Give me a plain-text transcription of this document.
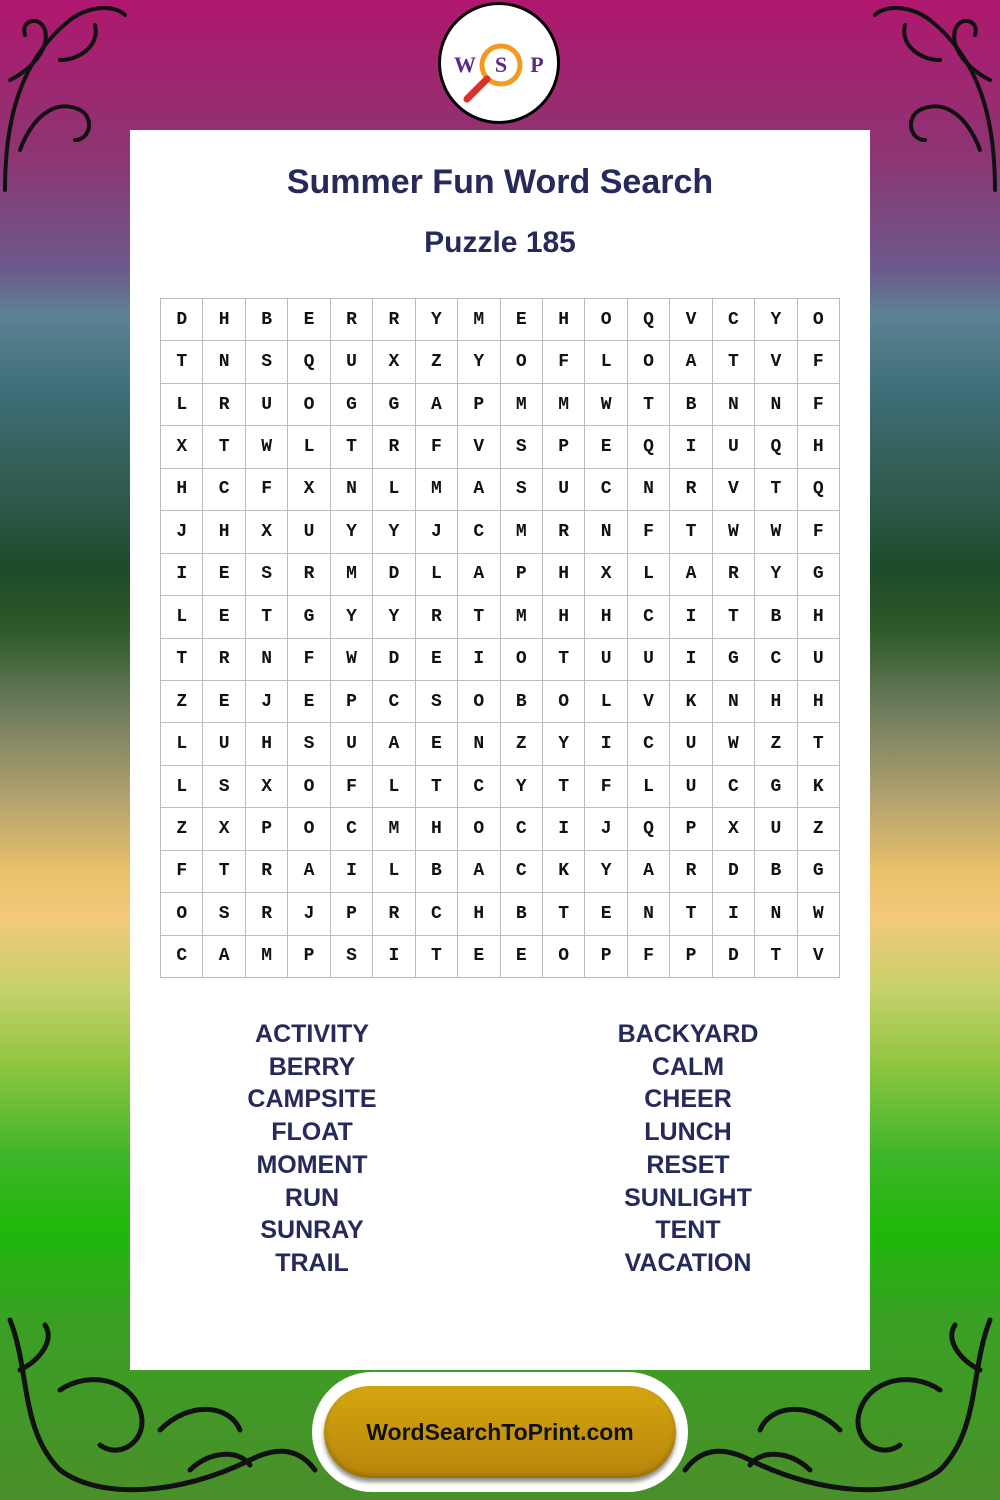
W S P
Summer Fun Word Search
Puzzle 185
D	H	B	E	R	R	Y	M	E	H	O	Q	V	C	Y	O
T	N	S	Q	U	X	Z	Y	O	F	L	O	A	T	V	F
L	R	U	O	G	G	A	P	M	M	W	T	B	N	N	F
X	T	W	L	T	R	F	V	S	P	E	Q	I	U	Q	H
H	C	F	X	N	L	M	A	S	U	C	N	R	V	T	Q
J	H	X	U	Y	Y	J	C	M	R	N	F	T	W	W	F
I	E	S	R	M	D	L	A	P	H	X	L	A	R	Y	G
L	E	T	G	Y	Y	R	T	M	H	H	C	I	T	B	H
T	R	N	F	W	D	E	I	O	T	U	U	I	G	C	U
Z	E	J	E	P	C	S	O	B	O	L	V	K	N	H	H
L	U	H	S	U	A	E	N	Z	Y	I	C	U	W	Z	T
L	S	X	O	F	L	T	C	Y	T	F	L	U	C	G	K
Z	X	P	O	C	M	H	O	C	I	J	Q	P	X	U	Z
F	T	R	A	I	L	B	A	C	K	Y	A	R	D	B	G
O	S	R	J	P	R	C	H	B	T	E	N	T	I	N	W
C	A	M	P	S	I	T	E	E	O	P	F	P	D	T	V
ACTIVITY
BERRY
CAMPSITE
FLOAT
MOMENT
RUN
SUNRAY
TRAIL
BACKYARD
CALM
CHEER
LUNCH
RESET
SUNLIGHT
TENT
VACATION
WordSearchToPrint.com
